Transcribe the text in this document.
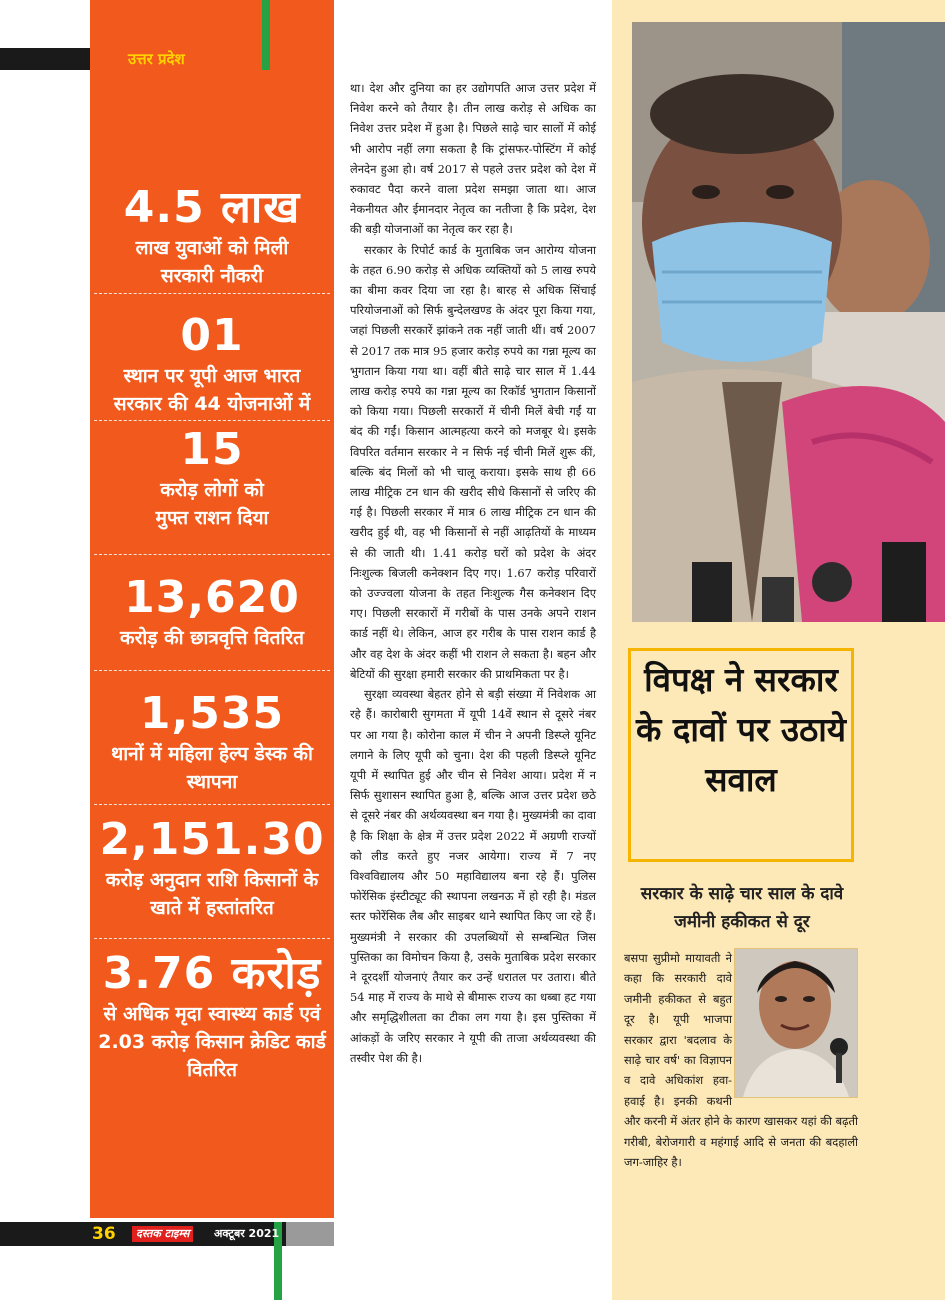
4.5 लाख
लाख युवाओं को मिली सरकारी नौकरी
01
स्थान पर यूपी आज भारत सरकार की 44 योजनाओं में
15
करोड़ लोगों को मुफ्त राशन दिया
13,620
करोड़ की छात्रवृत्ति वितरित
1,535
थानों में महिला हेल्प डेस्क की स्थापना
2,151.30
करोड़ अनुदान राशि किसानों के खाते में हस्तांतरित
3.76 करोड़
से अधिक मृदा स्वास्थ्य कार्ड एवं 2.03 करोड़ किसान क्रेडिट कार्ड वितरित
उत्तर प्रदेश

था। देश और दुनिया का हर उद्योगपति आज उत्तर प्रदेश में निवेश करने को तैयार है। तीन लाख करोड़ से अधिक का निवेश उत्तर प्रदेश में हुआ है। पिछले साढ़े चार सालों में कोई भी आरोप नहीं लगा सकता है कि ट्रांसफर-पोस्टिंग में कोई लेनदेन हुआ हो। वर्ष 2017 से पहले उत्तर प्रदेश को देश में रुकावट पैदा करने वाला प्रदेश समझा जाता था। आज नेकनीयत और ईमानदार नेतृत्व का नतीजा है कि प्रदेश, देश की बड़ी योजनाओं का नेतृत्व कर रहा है।

सरकार के रिपोर्ट कार्ड के मुताबिक जन आरोग्य योजना के तहत 6.90 करोड़ से अधिक व्यक्तियों को 5 लाख रुपये का बीमा कवर दिया जा रहा है। बारह से अधिक सिंचाई परियोजनाओं को सिर्फ बुन्देलखण्ड के अंदर पूरा किया गया, जहां पिछली सरकारें झांकने तक नहीं जाती थीं। वर्ष 2007 से 2017 तक मात्र 95 हजार करोड़ रुपये का गन्ना मूल्य का भुगतान किया गया था। वहीं बीते साढ़े चार साल में 1.44 लाख करोड़ रुपये का गन्ना मूल्य का रिकॉर्ड भुगतान किसानों को किया गया। पिछली सरकारों में चीनी मिलें बेची गईं या बंद की गईं। किसान आत्महत्या करने को मजबूर थे। इसके विपरित वर्तमान सरकार ने न सिर्फ नई चीनी मिलें शुरू कीं, बल्कि बंद मिलों को भी चालू कराया। इसके साथ ही 66 लाख मीट्रिक टन धान की खरीद सीधे किसानों से जरिए की गई है। पिछली सरकार में मात्र 6 लाख मीट्रिक टन धान की खरीद हुई थी, वह भी किसानों से नहीं आढ़तियों के माध्यम से की जाती थी। 1.41 करोड़ घरों को प्रदेश के अंदर निःशुल्क बिजली कनेक्शन दिए गए। 1.67 करोड़ परिवारों को उज्ज्वला योजना के तहत निःशुल्क गैस कनेक्शन दिए गए। पिछली सरकारों में गरीबों के पास उनके अपने राशन कार्ड नहीं थे। लेकिन, आज हर गरीब के पास राशन कार्ड है और वह देश के अंदर कहीं भी राशन ले सकता है। बहन और बेटियों की सुरक्षा हमारी सरकार की प्राथमिकता पर है।

सुरक्षा व्यवस्था बेहतर होने से बड़ी संख्या में निवेशक आ रहे हैं। कारोबारी सुगमता में यूपी 14वें स्थान से दूसरे नंबर पर आ गया है। कोरोना काल में चीन ने अपनी डिस्प्ले यूनिट लगाने के लिए यूपी को चुना। देश की पहली डिस्प्ले यूनिट यूपी में स्थापित हुई और चीन से निवेश आया। प्रदेश में न सिर्फ सुशासन स्थापित हुआ है, बल्कि आज उत्तर प्रदेश छठे से दूसरे नंबर की अर्थव्यवस्था बन गया है। मुख्यमंत्री का दावा है कि शिक्षा के क्षेत्र में उत्तर प्रदेश 2022 में अग्रणी राज्यों को लीड करते हुए नजर आयेगा। राज्य में 7 नए विश्वविद्यालय और 50 महाविद्यालय बना रहे हैं। पुलिस फोरेंसिक इंस्टीट्यूट की स्थापना लखनऊ में हो रही है। मंडल स्तर फोरेंसिक लैब और साइबर थाने स्थापित किए जा रहे हैं। मुख्यमंत्री ने सरकार की उपलब्धियों से सम्बन्धित जिस पुस्तिका का विमोचन किया है, उसके मुताबिक प्रदेश सरकार ने दूरदर्शी योजनाएं तैयार कर उन्हें धरातल पर उतारा। बीते 54 माह में राज्य के माथे से बीमारू राज्य का धब्बा हट गया और समृद्धिशीलता का टीका लग गया है। इस पुस्तिका में आंकड़ों के जरिए सरकार ने यूपी की ताजा अर्थव्यवस्था की तस्वीर पेश की है।

विपक्ष ने सरकार के दावों पर उठाये सवाल
सरकार के साढ़े चार साल के दावे जमीनी हकीकत से दूर
बसपा सुप्रीमो मायावती ने कहा कि सरकारी दावे जमीनी हकीकत से बहुत दूर है। यूपी भाजपा सरकार द्वारा 'बदलाव के साढ़े चार वर्ष' का विज्ञापन व दावे अधिकांश हवा-हवाई है। इनकी कथनी और करनी में अंतर होने के कारण खासकर यहां की बढ़ती गरीबी, बेरोजगारी व महंगाई आदि से जनता की बदहाली जग-जाहिर है।
36	दस्तक टाइम्स	अक्टूबर 2021
